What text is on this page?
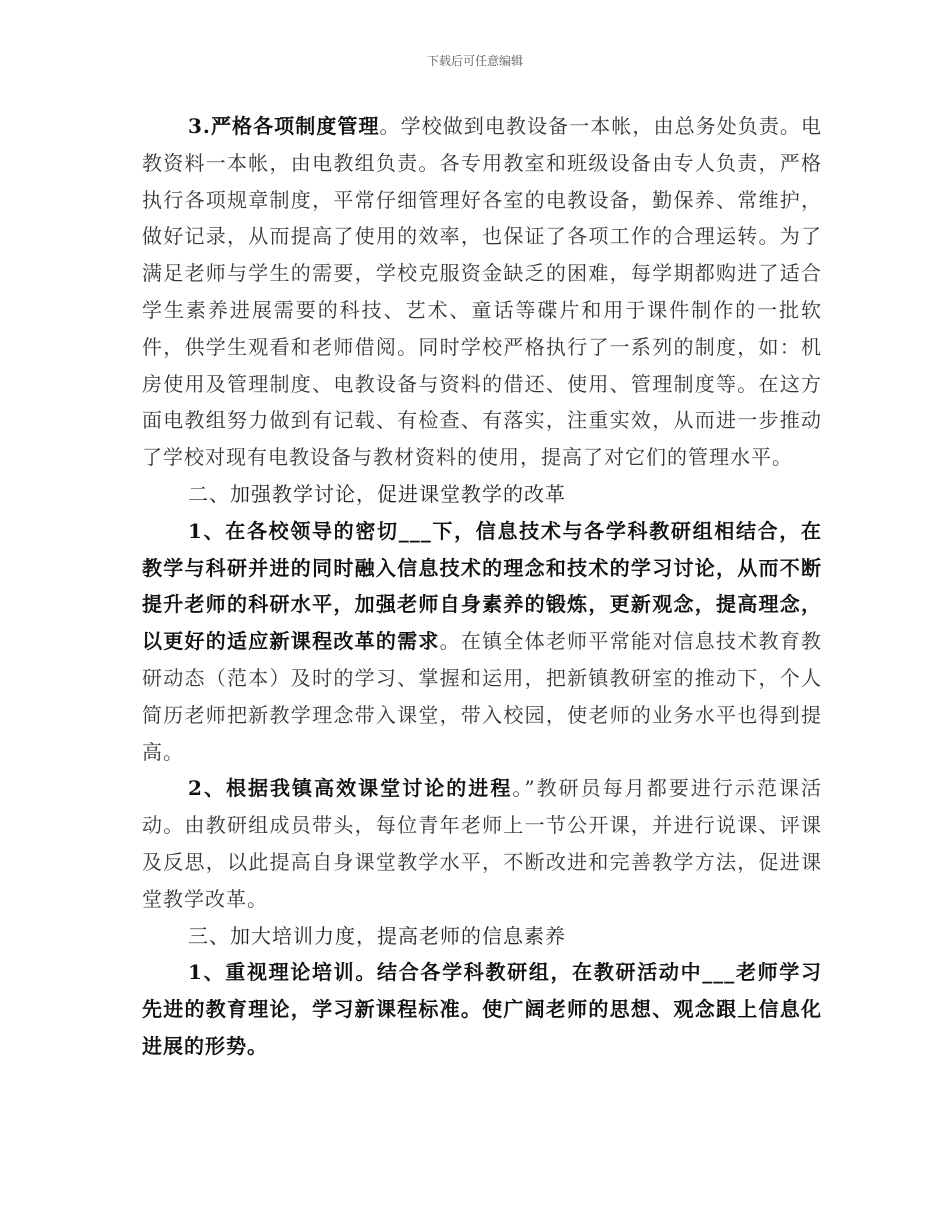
下载后可任意编辑

3.严格各项制度管理。学校做到电教设备一本帐，由总务处负责。电教资料一本帐，由电教组负责。各专用教室和班级设备由专人负责，严格执行各项规章制度，平常仔细管理好各室的电教设备，勤保养、常维护，做好记录，从而提高了使用的效率，也保证了各项工作的合理运转。为了满足老师与学生的需要，学校克服资金缺乏的困难，每学期都购进了适合学生素养进展需要的科技、艺术、童话等碟片和用于课件制作的一批软件，供学生观看和老师借阅。同时学校严格执行了一系列的制度，如：机房使用及管理制度、电教设备与资料的借还、使用、管理制度等。在这方面电教组努力做到有记载、有检查、有落实，注重实效，从而进一步推动了学校对现有电教设备与教材资料的使用，提高了对它们的管理水平。

二、加强教学讨论，促进课堂教学的改革

1、在各校领导的密切___下，信息技术与各学科教研组相结合，在教学与科研并进的同时融入信息技术的理念和技术的学习讨论，从而不断提升老师的科研水平，加强老师自身素养的锻炼，更新观念，提高理念，以更好的适应新课程改革的需求。在镇全体老师平常能对信息技术教育教研动态（范本）及时的学习、掌握和运用，把新镇教研室的推动下，个人简历老师把新教学理念带入课堂，带入校园，使老师的业务水平也得到提高。

2、根据我镇高效课堂讨论的进程。”教研员每月都要进行示范课活动。由教研组成员带头，每位青年老师上一节公开课，并进行说课、评课及反思，以此提高自身课堂教学水平，不断改进和完善教学方法，促进课堂教学改革。

三、加大培训力度，提高老师的信息素养

1、重视理论培训。结合各学科教研组，在教研活动中___老师学习先进的教育理论，学习新课程标准。使广阔老师的思想、观念跟上信息化进展的形势。
